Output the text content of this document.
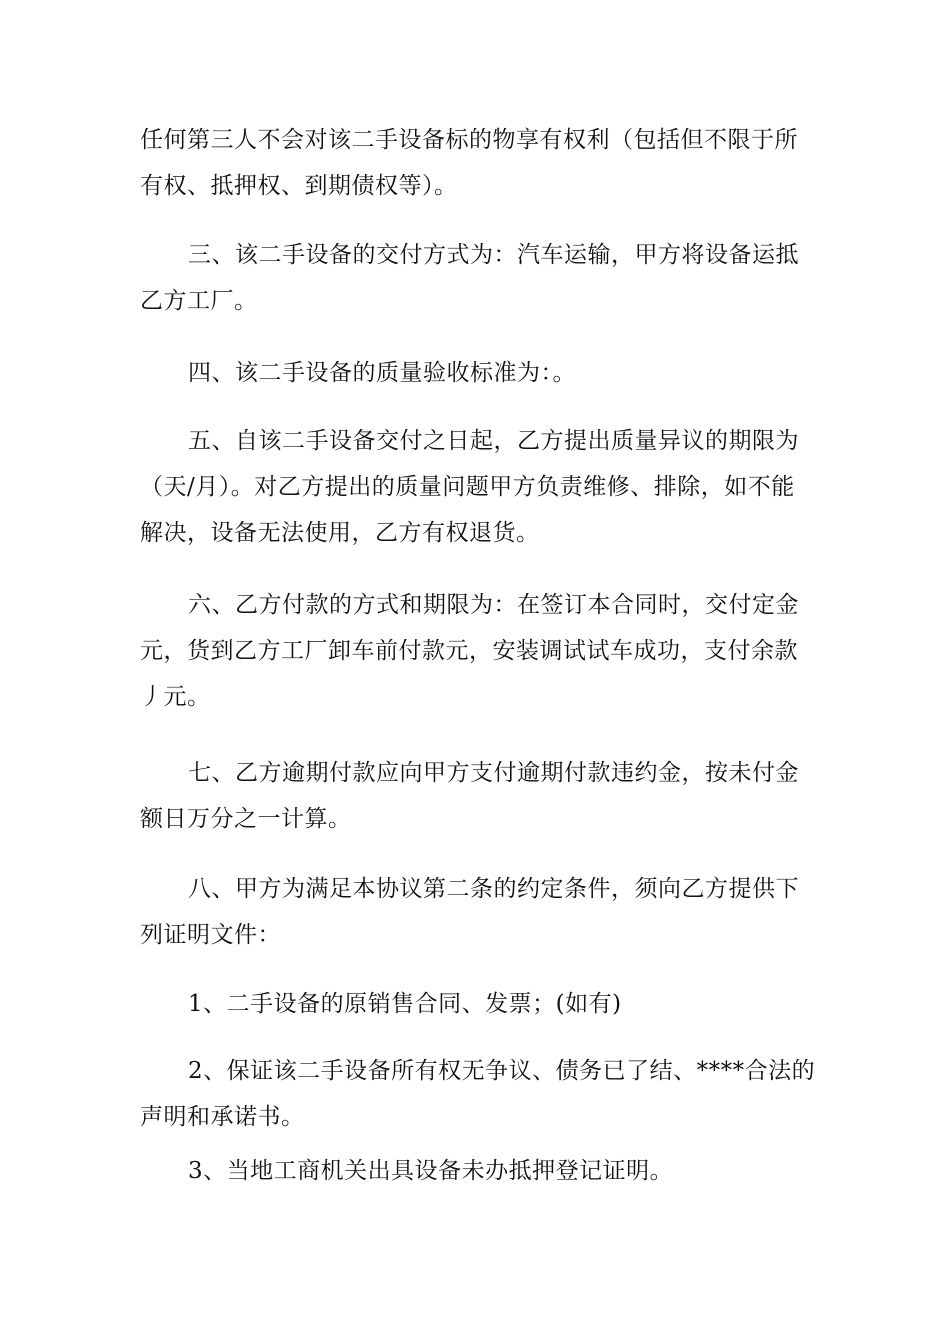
任何第三人不会对该二手设备标的物享有权利（包括但不限于所
有权、抵押权、到期债权等）。

三、该二手设备的交付方式为：汽车运输，甲方将设备运抵
乙方工厂。

四、该二手设备的质量验收标准为：。

五、自该二手设备交付之日起，乙方提出质量异议的期限为
（天/月）。对乙方提出的质量问题甲方负责维修、排除，如不能
解决，设备无法使用，乙方有权退货。

六、乙方付款的方式和期限为：在签订本合同时，交付定金
元，货到乙方工厂卸车前付款元，安装调试试车成功，支付余款
丿元。

七、乙方逾期付款应向甲方支付逾期付款违约金，按未付金
额日万分之一计算。

八、甲方为满足本协议第二条的约定条件，须向乙方提供下
列证明文件：

1、二手设备的原销售合同、发票；(如有)

2、保证该二手设备所有权无争议、债务已了结、****合法的
声明和承诺书。

3、当地工商机关出具设备未办抵押登记证明。
